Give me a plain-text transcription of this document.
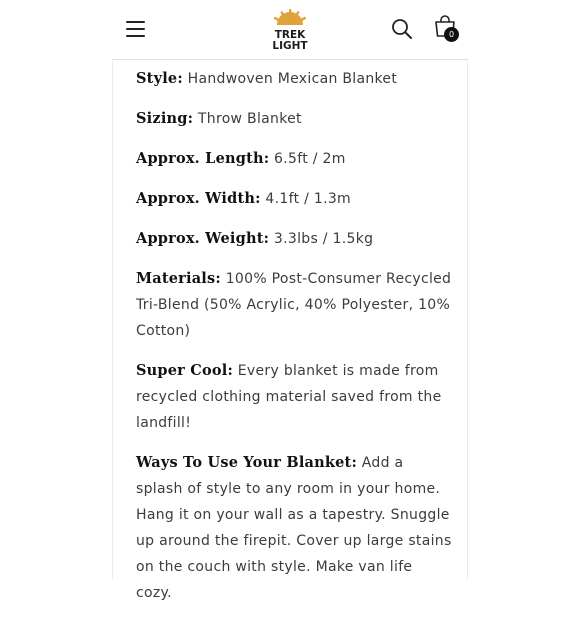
TREK
LIGHT
0

Style: Handwoven Mexican Blanket

Sizing: Throw Blanket

Approx. Length: 6.5ft / 2m

Approx. Width: 4.1ft / 1.3m

Approx. Weight: 3.3lbs / 1.5kg

Materials: 100% Post-Consumer Recycled Tri-Blend (50% Acrylic, 40% Polyester, 10% Cotton)

Super Cool: Every blanket is made from recycled clothing material saved from the landfill!

Ways To Use Your Blanket: Add a splash of style to any room in your home. Hang it on your wall as a tapestry. Snuggle up around the firepit. Cover up large stains on the couch with style. Make van life cozy.
